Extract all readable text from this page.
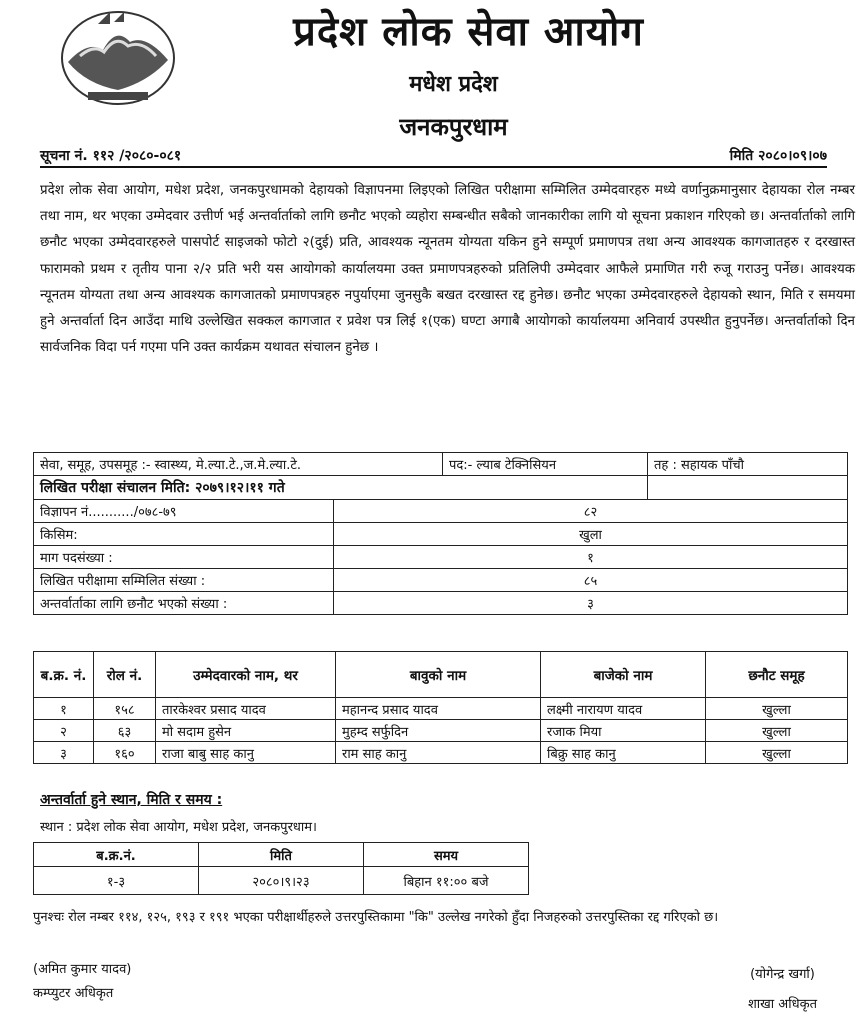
प्रदेश लोक सेवा आयोग
मधेश प्रदेश
जनकपुरधाम
सूचना नं. ११२ /२०८०-०८१	मिति २०८०।०९।०७
प्रदेश लोक सेवा आयोग, मधेश प्रदेश, जनकपुरधामको देहायको विज्ञापनमा लिइएको लिखित परीक्षामा सम्मिलित उम्मेदवारहरु मध्ये वर्णानुक्रमानुसार देहायका रोल नम्बर तथा नाम, थर भएका उम्मेदवार उत्तीर्ण भई अन्तर्वार्ताको लागि छनौट भएको व्यहोरा सम्बन्धीत सबैको जानकारीका लागि यो सूचना प्रकाशन गरिएको छ। अन्तर्वार्ताको लागि छनौट भएका उम्मेदवारहरुले पासपोर्ट साइजको फोटो २(दुई) प्रति, आवश्यक न्यूनतम योग्यता यकिन हुने सम्पूर्ण प्रमाणपत्र तथा अन्य आवश्यक कागजातहरु र दरखास्त फारामको प्रथम र तृतीय पाना २/२ प्रति भरी यस आयोगको कार्यालयमा उक्त प्रमाणपत्रहरुको प्रतिलिपी उम्मेदवार आफैले प्रमाणित गरी रुजू गराउनु पर्नेछ। आवश्यक न्यूनतम योग्यता तथा अन्य आवश्यक कागजातको प्रमाणपत्रहरु नपुर्याएमा जुनसुकै बखत दरखास्त रद्द हुनेछ। छनौट भएका उम्मेदवारहरुले देहायको स्थान, मिति र समयमा हुने अन्तर्वार्ता दिन आउँदा माथि उल्लेखित सक्कल कागजात र प्रवेश पत्र लिई १(एक) घण्टा अगाबै आयोगको कार्यालयमा अनिवार्य उपस्थीत हुनुपर्नेछ। अन्तर्वार्ताको दिन सार्वजनिक विदा पर्न गएमा पनि उक्त कार्यक्रम यथावत संचालन हुनेछ ।
सेवा, समूह, उपसमूह :- स्वास्थ्य, मे.ल्या.टे.,ज.मे.ल्या.टे.		पद:- ल्याब टेक्निसियन	तह : सहायक पाँचौ
लिखित परीक्षा संचालन मिति: २०७९।१२।११ गते			
विज्ञापन नं.........../०७८-७९	८२		
किसिम:	खुला		
माग पदसंख्या :	१		
लिखित परीक्षामा सम्मिलित संख्या :	८५		
अन्तर्वार्ताका लागि छनौट भएको संख्या :	३		
ब.क्र. नं.	रोल नं.	उम्मेदवारको नाम, थर	बावुको नाम	बाजेको नाम	छनौट समूह
१	१५८	तारकेश्वर प्रसाद यादव	महानन्द प्रसाद यादव	लक्ष्मी नारायण यादव	खुल्ला
२	६३	मो सदाम हुसेन	मुहम्द सर्फुदिन	रजाक मिया	खुल्ला
३	१६०	राजा बाबु साह कानु	राम साह कानु	बिक्रु साह कानु	खुल्ला
अन्तर्वार्ता हुने स्थान, मिति र समय :
स्थान : प्रदेश लोक सेवा आयोग, मधेश प्रदेश, जनकपुरधाम।
ब.क्र.नं.	मिति	समय
१-३	२०८०।९।२३	बिहान ११:०० बजे
पुनश्चः रोल नम्बर ११४, १२५, १९३ र १९१ भएका परीक्षार्थीहरुले उत्तरपुस्तिकामा "कि" उल्लेख नगरेको हुँदा निजहरुको उत्तरपुस्तिका रद्द गरिएको छ।
(अमित कुमार यादव)
कम्प्युटर अधिकृत
(योगेन्द्र खर्गा)
शाखा अधिकृत
